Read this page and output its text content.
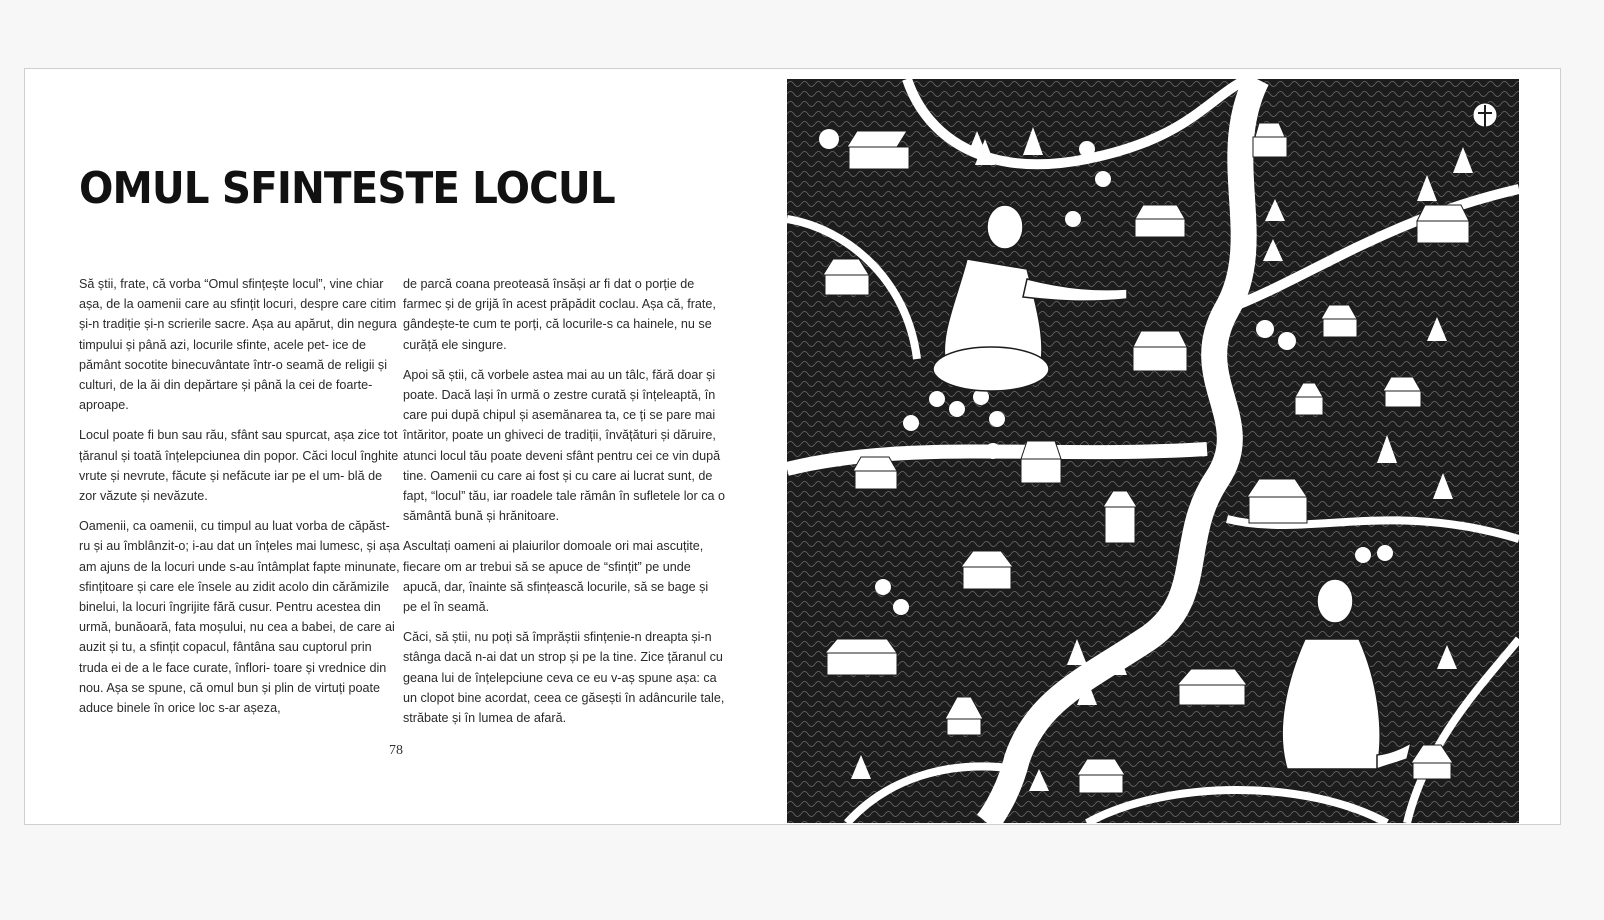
OMUL SFINTESTE LOCUL

Să știi, frate, că vorba “Omul sfințește locul”, vine chiar așa, de la oamenii care au sfințit locuri, despre care citim și-n tradiție și-n scrierile sacre. Așa au apărut, din negura timpului și până azi, locurile sfinte, acele pet- ice de pământ socotite binecuvântate într-o seamă de religii și culturi, de la ăi din depărtare și până la cei de foarte-aproape.

Locul poate fi bun sau rău, sfânt sau spurcat, așa zice tot țăranul și toată înțelepciunea din popor. Căci locul înghite vrute și nevrute, făcute și nefăcute iar pe el um- blă de zor văzute și nevăzute.

Oamenii, ca oamenii, cu timpul au luat vorba de căpăst- ru și au îmblânzit-o; i-au dat un înțeles mai lumesc, și așa am ajuns de la locuri unde s-au întâmplat fapte minunate, sfințitoare și care ele însele au zidit acolo din cărămizile binelui, la locuri îngrijite fără cusur. Pentru acestea din urmă, bunăoară, fata moșului, nu cea a babei, de care ai auzit și tu, a sfințit copacul, fântâna sau cuptorul prin truda ei de a le face curate, înflori- toare și vrednice din nou. Așa se spune, că omul bun și plin de virtuți poate aduce binele în orice loc s-ar așeza,

de parcă coana preoteasă însăși ar fi dat o porție de farmec și de grijă în acest prăpădit coclau. Așa că, frate, gândește-te cum te porți, că locurile-s ca hainele, nu se curăță ele singure.

Apoi să știi, că vorbele astea mai au un tâlc, fără doar și poate. Dacă lași în urmă o zestre curată și înțeleaptă, în care pui după chipul și asemănarea ta, ce ți se pare mai întăritor, poate un ghiveci de tradiții, învățături și dăruire, atunci locul tău poate deveni sfânt pentru cei ce vin după tine. Oamenii cu care ai fost și cu care ai lucrat sunt, de fapt, “locul” tău, iar roadele tale rămân în sufletele lor ca o sământă bună și hrănitoare.

Ascultați oameni ai plaiurilor domoale ori mai ascuțite, fiecare om ar trebui să se apuce de “sfințit” pe unde apucă, dar, înainte să sfințească locurile, să se bage și pe el în seamă.

Căci, să știi, nu poți să împrăștii sfințenie-n dreapta și-n stânga dacă n-ai dat un strop și pe la tine. Zice țăranul cu geana lui de înțelepciune ceva ce eu v-aș spune așa: ca un clopot bine acordat, ceea ce găsești în adâncurile tale, străbate și în lumea de afară.

78
